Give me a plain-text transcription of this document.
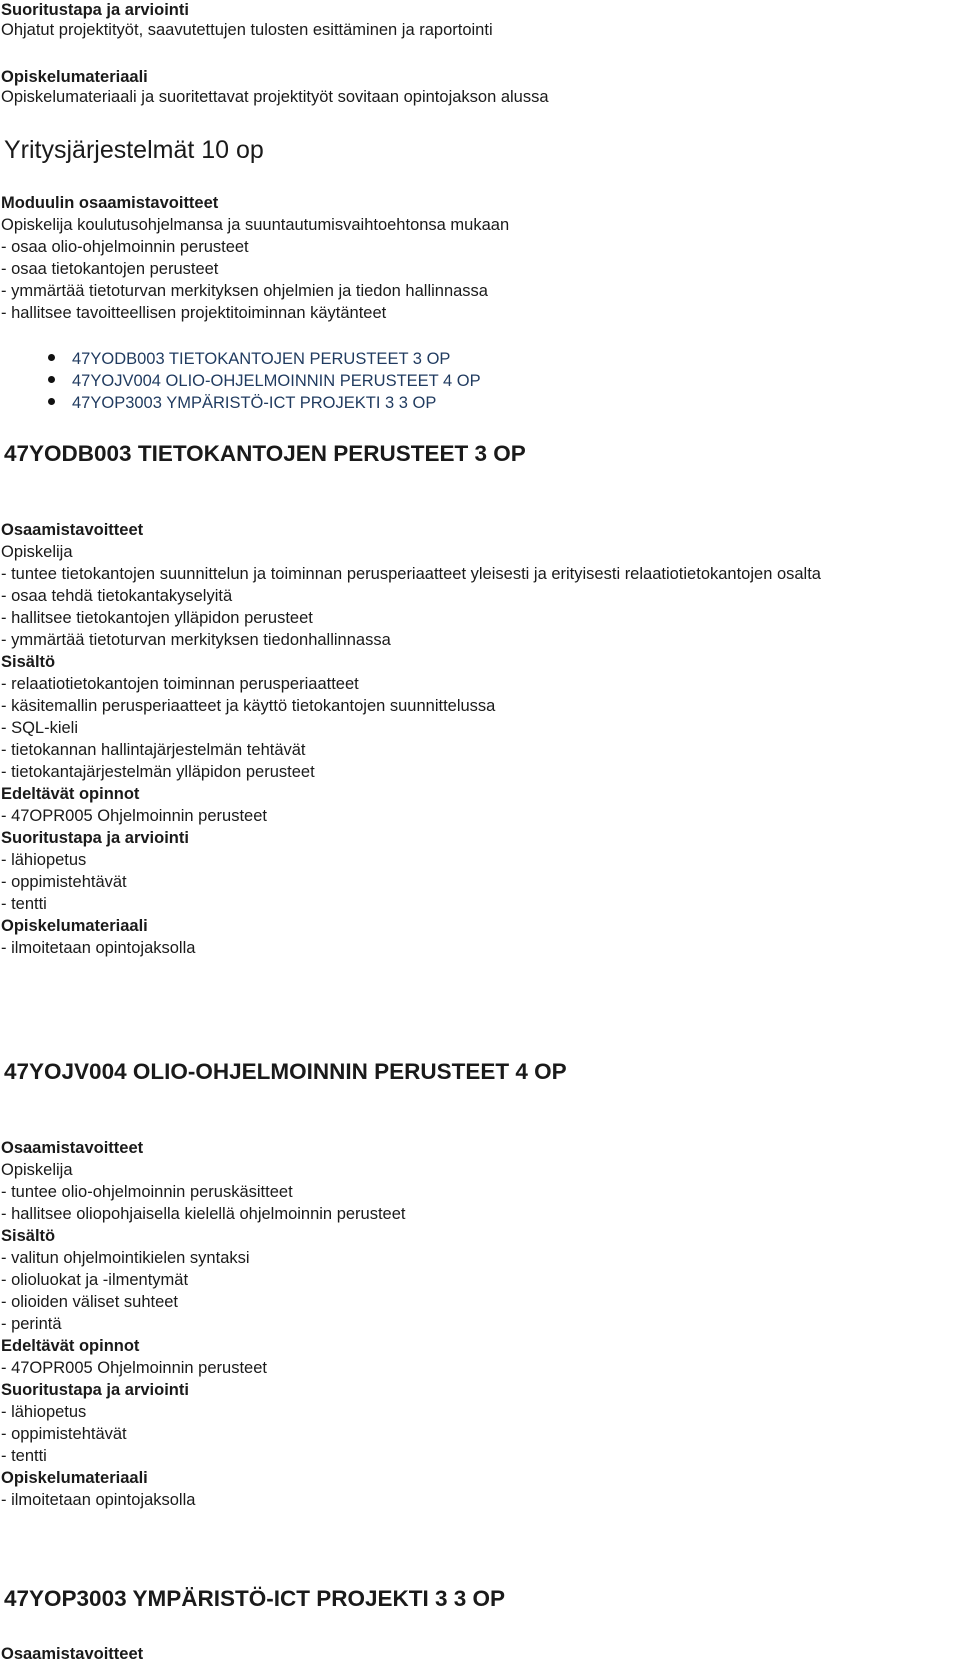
Suoritustapa ja arviointi
Ohjatut projektityöt, saavutettujen tulosten esittäminen ja raportointi
Opiskelumateriaali
Opiskelumateriaali ja suoritettavat projektityöt sovitaan opintojakson alussa
Yritysjärjestelmät 10 op
Moduulin osaamistavoitteet
Opiskelija koulutusohjelmansa ja suuntautumisvaihtoehtonsa mukaan
- osaa olio-ohjelmoinnin perusteet
- osaa tietokantojen perusteet
- ymmärtää tietoturvan merkityksen ohjelmien ja tiedon hallinnassa
- hallitsee tavoitteellisen projektitoiminnan käytänteet
47YODB003 TIETOKANTOJEN PERUSTEET 3 OP
47YOJV004 OLIO-OHJELMOINNIN PERUSTEET 4 OP
47YOP3003 YMPÄRISTÖ-ICT PROJEKTI 3 3 OP
47YODB003 TIETOKANTOJEN PERUSTEET 3 OP
Osaamistavoitteet
Opiskelija
- tuntee tietokantojen suunnittelun ja toiminnan perusperiaatteet yleisesti ja erityisesti relaatiotietokantojen osalta
- osaa tehdä tietokantakyselyitä
- hallitsee tietokantojen ylläpidon perusteet
- ymmärtää tietoturvan merkityksen tiedonhallinnassa
Sisältö
- relaatiotietokantojen toiminnan perusperiaatteet
- käsitemallin perusperiaatteet ja käyttö tietokantojen suunnittelussa
- SQL-kieli
- tietokannan hallintajärjestelmän tehtävät
- tietokantajärjestelmän ylläpidon perusteet
Edeltävät opinnot
- 47OPR005 Ohjelmoinnin perusteet
Suoritustapa ja arviointi
- lähiopetus
- oppimistehtävät
- tentti
Opiskelumateriaali
- ilmoitetaan opintojaksolla
47YOJV004 OLIO-OHJELMOINNIN PERUSTEET 4 OP
Osaamistavoitteet
Opiskelija
- tuntee olio-ohjelmoinnin peruskäsitteet
- hallitsee oliopohjaisella kielellä ohjelmoinnin perusteet
Sisältö
- valitun ohjelmointikielen syntaksi
- olioluokat ja -ilmentymät
- olioiden väliset suhteet
- perintä
Edeltävät opinnot
- 47OPR005 Ohjelmoinnin perusteet
Suoritustapa ja arviointi
- lähiopetus
- oppimistehtävät
- tentti
Opiskelumateriaali
- ilmoitetaan opintojaksolla
47YOP3003 YMPÄRISTÖ-ICT PROJEKTI 3 3 OP
Osaamistavoitteet
